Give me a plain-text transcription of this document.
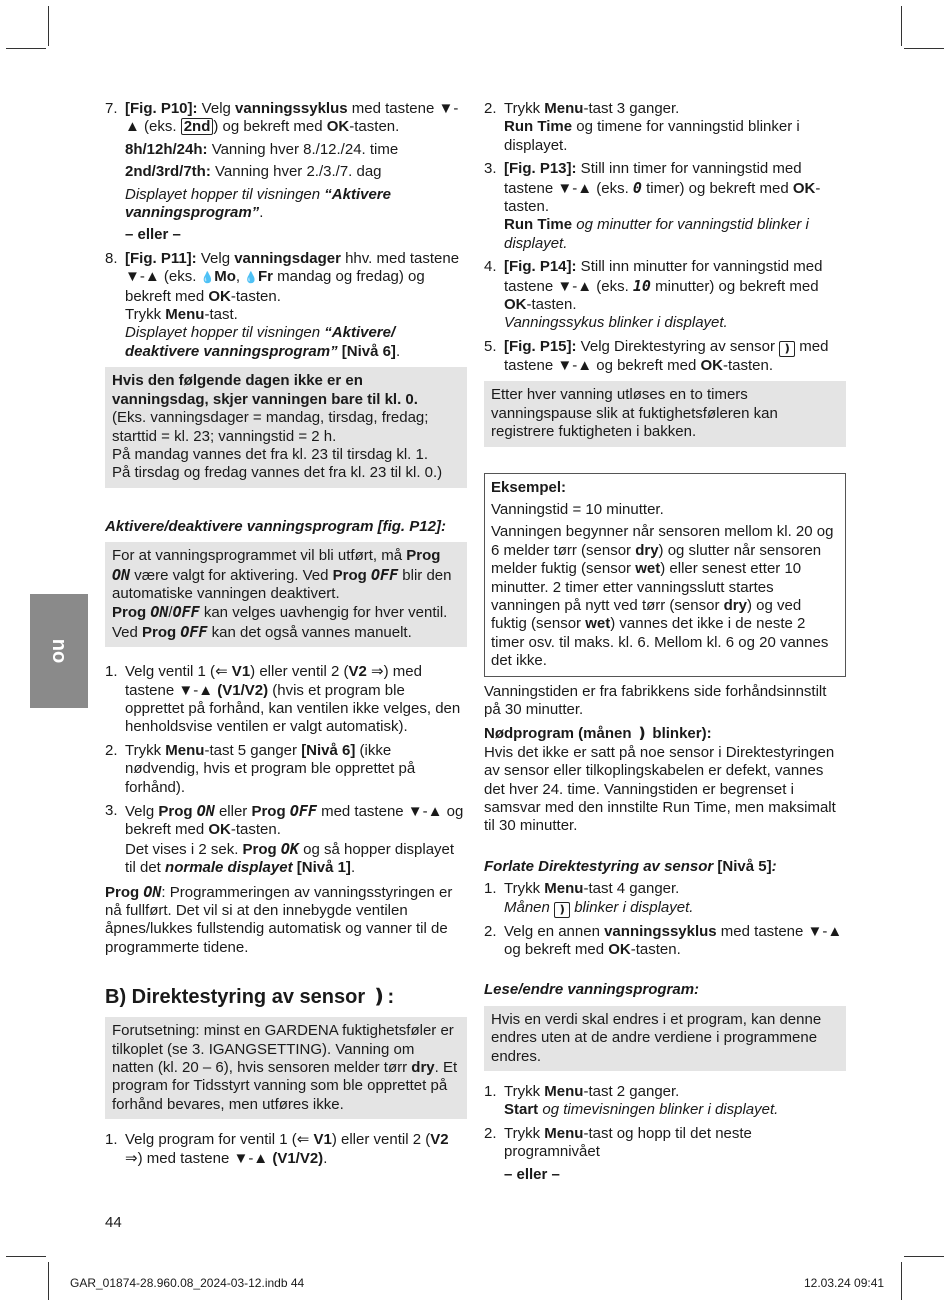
no
7. [Fig. P10]: Velg vanningssyklus med tastene ▼-▲ (eks. 2nd ) og bekreft med OK-tasten.
8h/12h/24h: Vanning hver 8./12./24. time
2nd/3rd/7th: Vanning hver 2./3./7. dag
Displayet hopper til visningen “Aktivere vanningsprogram”.
– eller –
8. [Fig. P11]: Velg vanningsdager hhv. med tastene ▼-▲ (eks. 💧Mo, 💧Fr mandag og fredag) og bekreft med OK-tasten.
Trykk Menu-tast.
Displayet hopper til visningen “Aktivere/ deaktivere vanningsprogram” [Nivå 6].
Hvis den følgende dagen ikke er en vanningsdag, skjer vanningen bare til kl. 0.
(Eks. vanningsdager = mandag, tirsdag, fredag; starttid = kl. 23; vanningstid = 2 h.
På mandag vannes det fra kl. 23 til tirsdag kl. 1.
På tirsdag og fredag vannes det fra kl. 23 til kl. 0.)
Aktivere/deaktivere vanningsprogram [fig. P12]:
For at vanningsprogrammet vil bli utført, må Prog ON være valgt for aktivering. Ved Prog OFF blir den automatiske vanningen deaktivert.
Prog ON/OFF kan velges uavhengig for hver ventil. Ved Prog OFF kan det også vannes manuelt.
1. Velg ventil 1 (⇐ V1) eller ventil 2 (V2 ⇒) med tastene ▼-▲ (V1/V2) (hvis et program ble opprettet på forhånd, kan ventilen ikke velges, den henholdsvise ventilen er valgt automatisk).
2. Trykk Menu-tast 5 ganger [Nivå 6] (ikke nødvendig, hvis et program ble opprettet på forhånd).
3. Velg Prog ON eller Prog OFF med tastene ▼-▲ og bekreft med OK-tasten.
Det vises i 2 sek. Prog OK og så hopper displayet til det normale displayet [Nivå 1].
Prog ON: Programmeringen av vanningsstyringen er nå fullført. Det vil si at den innebygde ventilen åpnes/lukkes fullstendig automatisk og vanner til de programmerte tidene.
B) Direktestyring av sensor ❫:
Forutsetning: minst en GARDENA fuktighetsføler er tilkoplet (se 3. IGANGSETTING). Vanning om natten (kl. 20 – 6), hvis sensoren melder tørr dry. Et program for Tidsstyrt vanning som ble opprettet på forhånd bevares, men utføres ikke.
1. Velg program for ventil 1 (⇐ V1) eller ventil 2 (V2 ⇒) med tastene ▼-▲ (V1/V2).
2. Trykk Menu-tast 3 ganger.
Run Time og timene for vanningstid blinker i displayet.
3. [Fig. P13]: Still inn timer for vanningstid med tastene ▼-▲ (eks. 0 timer) og bekreft med OK-tasten.
Run Time og minutter for vanningstid blinker i displayet.
4. [Fig. P14]: Still inn minutter for vanningstid med tastene ▼-▲ (eks. 10 minutter) og bekreft med OK-tasten.
Vanningssykus blinker i displayet.
5. [Fig. P15]: Velg Direktestyring av sensor ❫ med tastene ▼-▲ og bekreft med OK-tasten.
Etter hver vanning utløses en to timers vanningspause slik at fuktighetsføleren kan registrere fuktigheten i bakken.
Eksempel:
Vanningstid = 10 minutter.
Vanningen begynner når sensoren mellom kl. 20 og 6 melder tørr (sensor dry) og slutter når sensoren melder fuktig (sensor wet) eller senest etter 10 minutter. 2 timer etter vanningsslutt startes vanningen på nytt ved tørr (sensor dry) og ved fuktig (sensor wet) vannes det ikke i de neste 2 timer osv. til maks. kl. 6. Mellom kl. 6 og 20 vannes det ikke.
Vanningstiden er fra fabrikkens side forhåndsinnstilt på 30 minutter.
Nødprogram (månen ❫ blinker):
Hvis det ikke er satt på noe sensor i Direktestyringen av sensor eller tilkoplingskabelen er defekt, vannes det hver 24. time. Vanningstiden er begrenset i samsvar med den innstilte Run Time, men maksimalt til 30 minutter.
Forlate Direktestyring av sensor [Nivå 5]:
1. Trykk Menu-tast 4 ganger.
Månen ❫ blinker i displayet.
2. Velg en annen vanningssyklus med tastene ▼-▲ og bekreft med OK-tasten.
Lese/endre vanningsprogram:
Hvis en verdi skal endres i et program, kan denne endres uten at de andre verdiene i programmene endres.
1. Trykk Menu-tast 2 ganger.
Start og timevisningen blinker i displayet.
2. Trykk Menu-tast og hopp til det neste programnivået
– eller –
44
GAR_01874-28.960.08_2024-03-12.indb 44	12.03.24 09:41
